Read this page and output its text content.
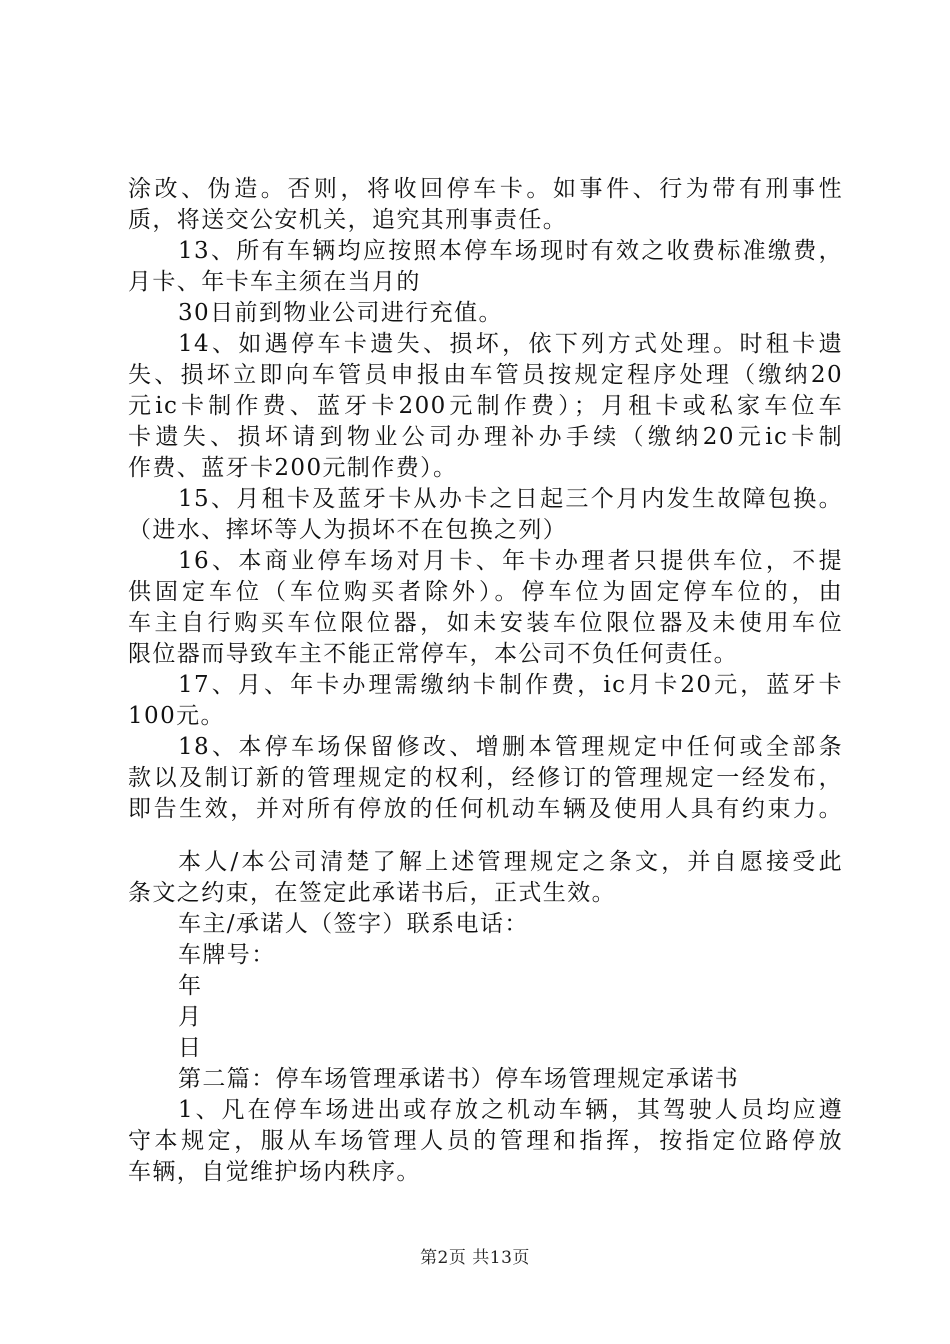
涂改、伪造。否则，将收回停车卡。如事件、行为带有刑事性
质，将送交公安机关，追究其刑事责任。
13、所有车辆均应按照本停车场现时有效之收费标准缴费，
月卡、年卡车主须在当月的
30日前到物业公司进行充值。
14、如遇停车卡遗失、损坏，依下列方式处理。时租卡遗
失、损坏立即向车管员申报由车管员按规定程序处理（缴纳20
元ic卡制作费、蓝牙卡200元制作费）；月租卡或私家车位车
卡遗失、损坏请到物业公司办理补办手续（缴纳20元ic卡制
作费、蓝牙卡200元制作费）。
15、月租卡及蓝牙卡从办卡之日起三个月内发生故障包换。
（进水、摔坏等人为损坏不在包换之列）
16、本商业停车场对月卡、年卡办理者只提供车位，不提
供固定车位（车位购买者除外）。停车位为固定停车位的，由
车主自行购买车位限位器，如未安装车位限位器及未使用车位
限位器而导致车主不能正常停车，本公司不负任何责任。
17、月、年卡办理需缴纳卡制作费，ic月卡20元，蓝牙卡
100元。
18、本停车场保留修改、增删本管理规定中任何或全部条
款以及制订新的管理规定的权利，经修订的管理规定一经发布，
即告生效，并对所有停放的任何机动车辆及使用人具有约束力。
本人/本公司清楚了解上述管理规定之条文，并自愿接受此
条文之约束，在签定此承诺书后，正式生效。
车主/承诺人（签字）联系电话：
车牌号：
年
月
日
第二篇：停车场管理承诺书）停车场管理规定承诺书
1、凡在停车场进出或存放之机动车辆，其驾驶人员均应遵
守本规定，服从车场管理人员的管理和指挥，按指定位路停放
车辆，自觉维护场内秩序。
第2页 共13页
